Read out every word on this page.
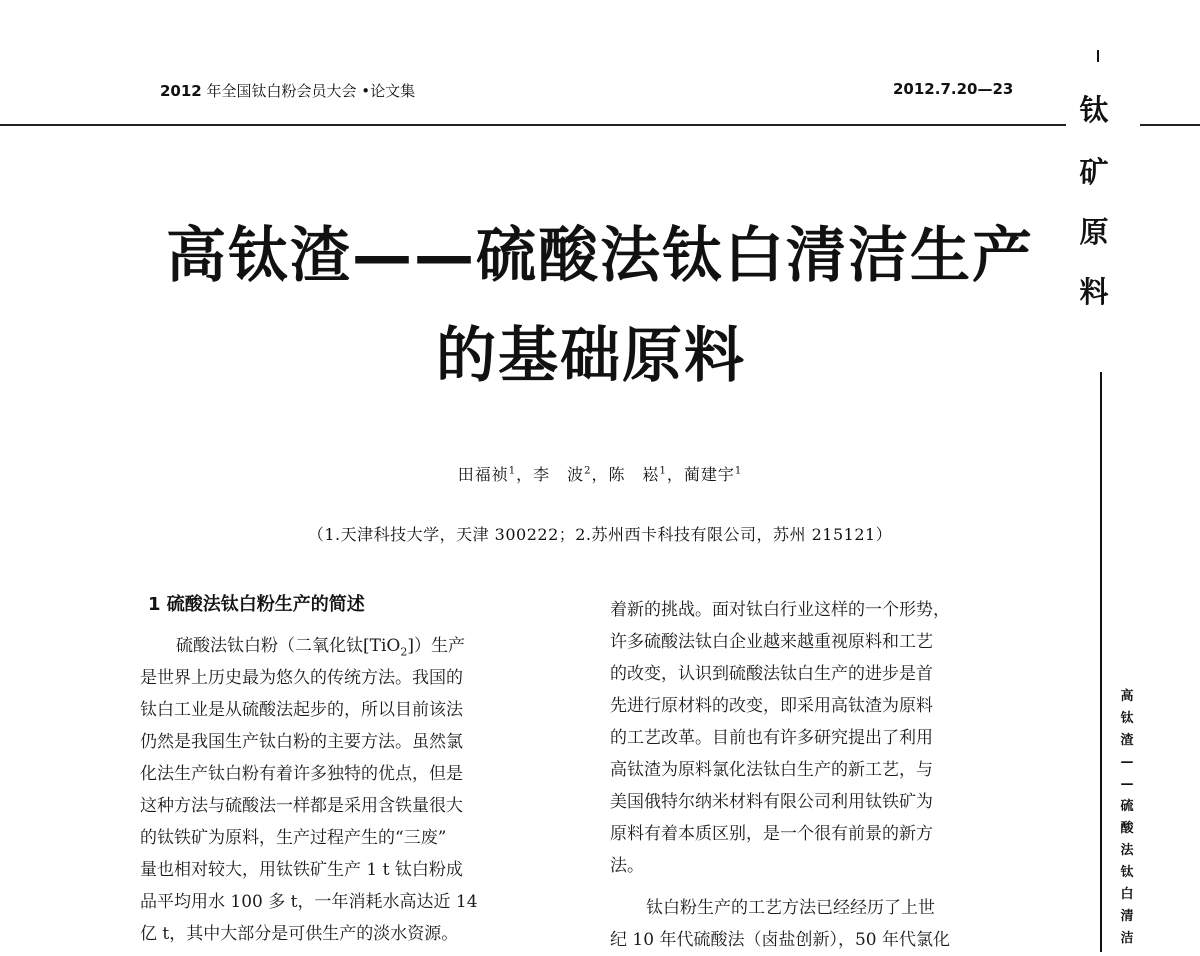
2012 年全国钛白粉会员大会 •论文集	2012.7.20—23
钛
矿
原
料
高
钛
渣
—
—
硫
酸
法
钛
白
清
洁
高钛渣——硫酸法钛白清洁生产
的基础原料
田福祯$^1$，李　波$^2$，陈　崧$^1$，蔺建宇$^1$
（1.天津科技大学，天津 300222；2.苏州西卡科技有限公司，苏州 215121）
1 硫酸法钛白粉生产的简述
硫酸法钛白粉（二氧化钛[TiO$_2$]）生产
是世界上历史最为悠久的传统方法。我国的
钛白工业是从硫酸法起步的，所以目前该法
仍然是我国生产钛白粉的主要方法。虽然氯
化法生产钛白粉有着许多独特的优点，但是
这种方法与硫酸法一样都是采用含铁量很大
的钛铁矿为原料，生产过程产生的“三废”
量也相对较大，用钛铁矿生产 1 t 钛白粉成
品平均用水 100 多 t，一年消耗水高达近 14
亿 t，其中大部分是可供生产的淡水资源。
着新的挑战。面对钛白行业这样的一个形势，
许多硫酸法钛白企业越来越重视原料和工艺
的改变，认识到硫酸法钛白生产的进步是首
先进行原材料的改变，即采用高钛渣为原料
的工艺改革。目前也有许多研究提出了利用
高钛渣为原料氯化法钛白生产的新工艺，与
美国俄特尔纳米材料有限公司利用钛铁矿为
原料有着本质区别，是一个很有前景的新方
法。
钛白粉生产的工艺方法已经经历了上世
纪 10 年代硫酸法（卤盐创新），50 年代氯化
